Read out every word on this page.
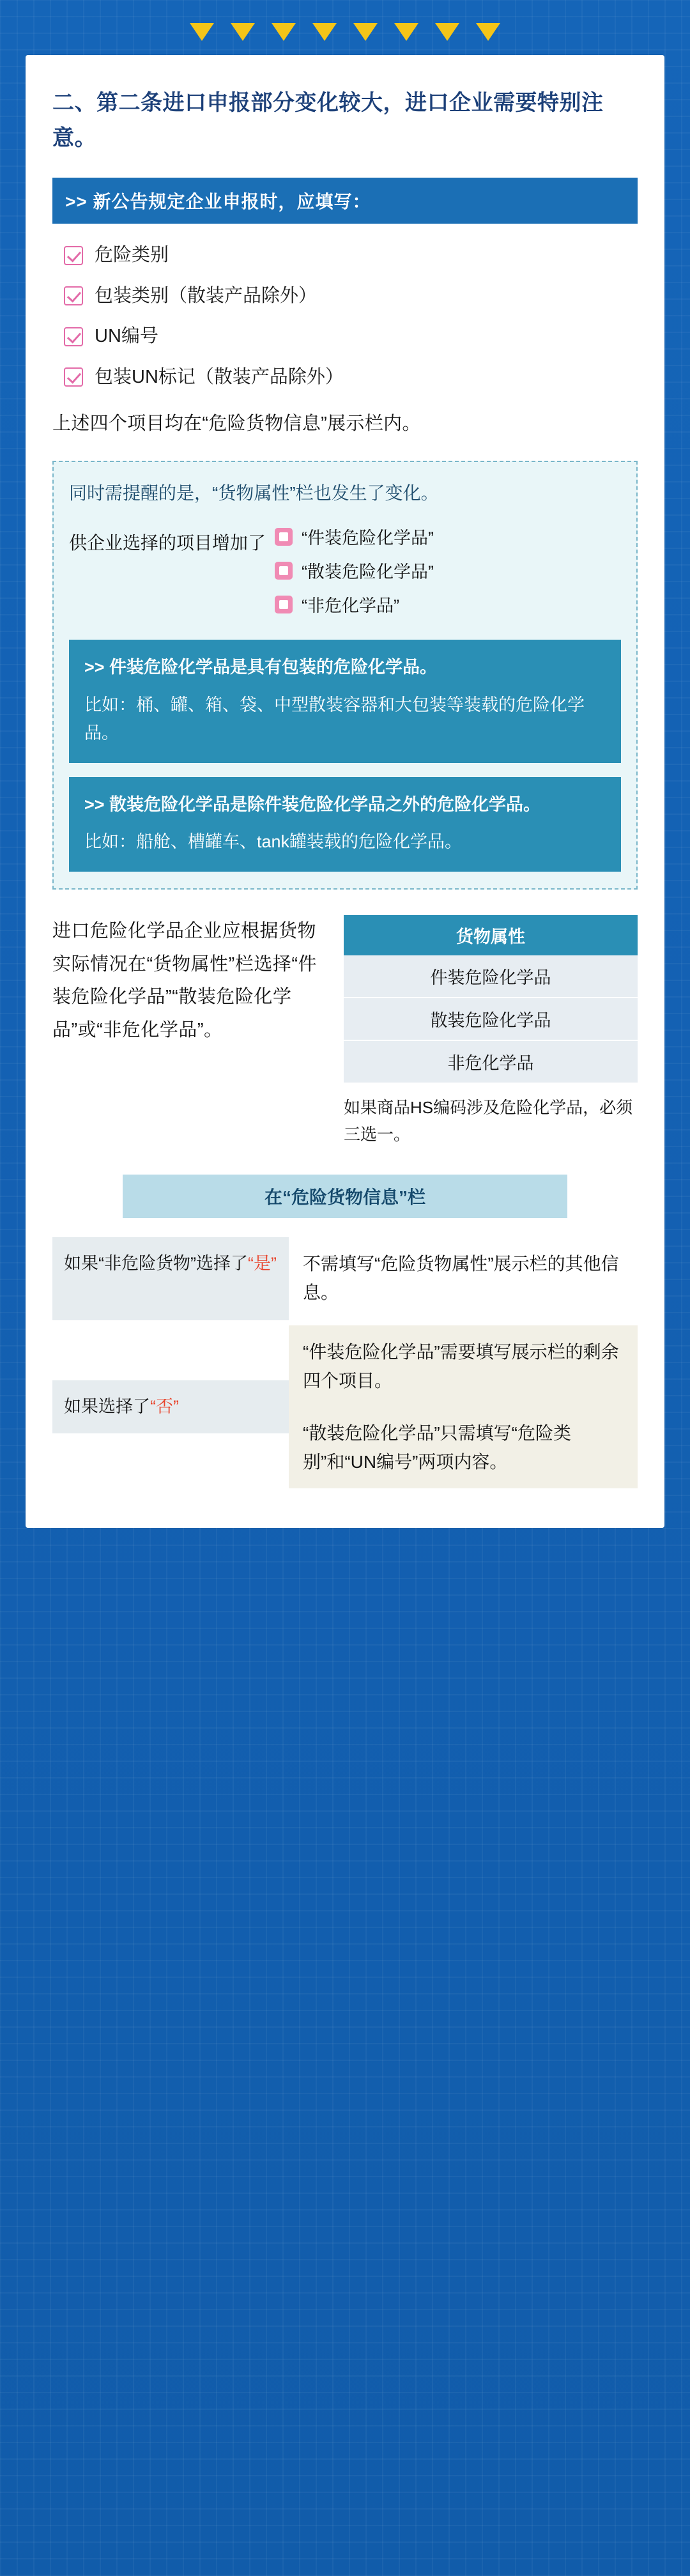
二、第二条进口申报部分变化较大，进口企业需要特别注意。
>> 新公告规定企业申报时，应填写：
危险类别
包装类别（散装产品除外）
UN编号
包装UN标记（散装产品除外）
上述四个项目均在“危险货物信息”展示栏内。
同时需提醒的是，“货物属性”栏也发生了变化。
供企业选择的项目增加了 “件装危险化学品”
“散装危险化学品”
“非危化学品”
>> 件装危险化学品是具有包装的危险化学品。
比如：桶、罐、箱、袋、中型散装容器和大包装等装载的危险化学品。
>> 散装危险化学品是除件装危险化学品之外的危险化学品。
比如：船舱、槽罐车、tank罐装载的危险化学品。
进口危险化学品企业应根据货物实际情况在“货物属性”栏选择“件装危险化学品”“散装危险化学品”或“非危化学品”。
货物属性
件装危险化学品
散装危险化学品
非危化学品
如果商品HS编码涉及危险化学品，必须三选一。
在“危险货物信息”栏
如果“非危险货物”选择了“是”	不需填写“危险货物属性”展示栏的其他信息。
如果选择了“否”
“件装危险化学品”需要填写展示栏的剩余四个项目。
“散装危险化学品”只需填写“危险类别”和“UN编号”两项内容。
